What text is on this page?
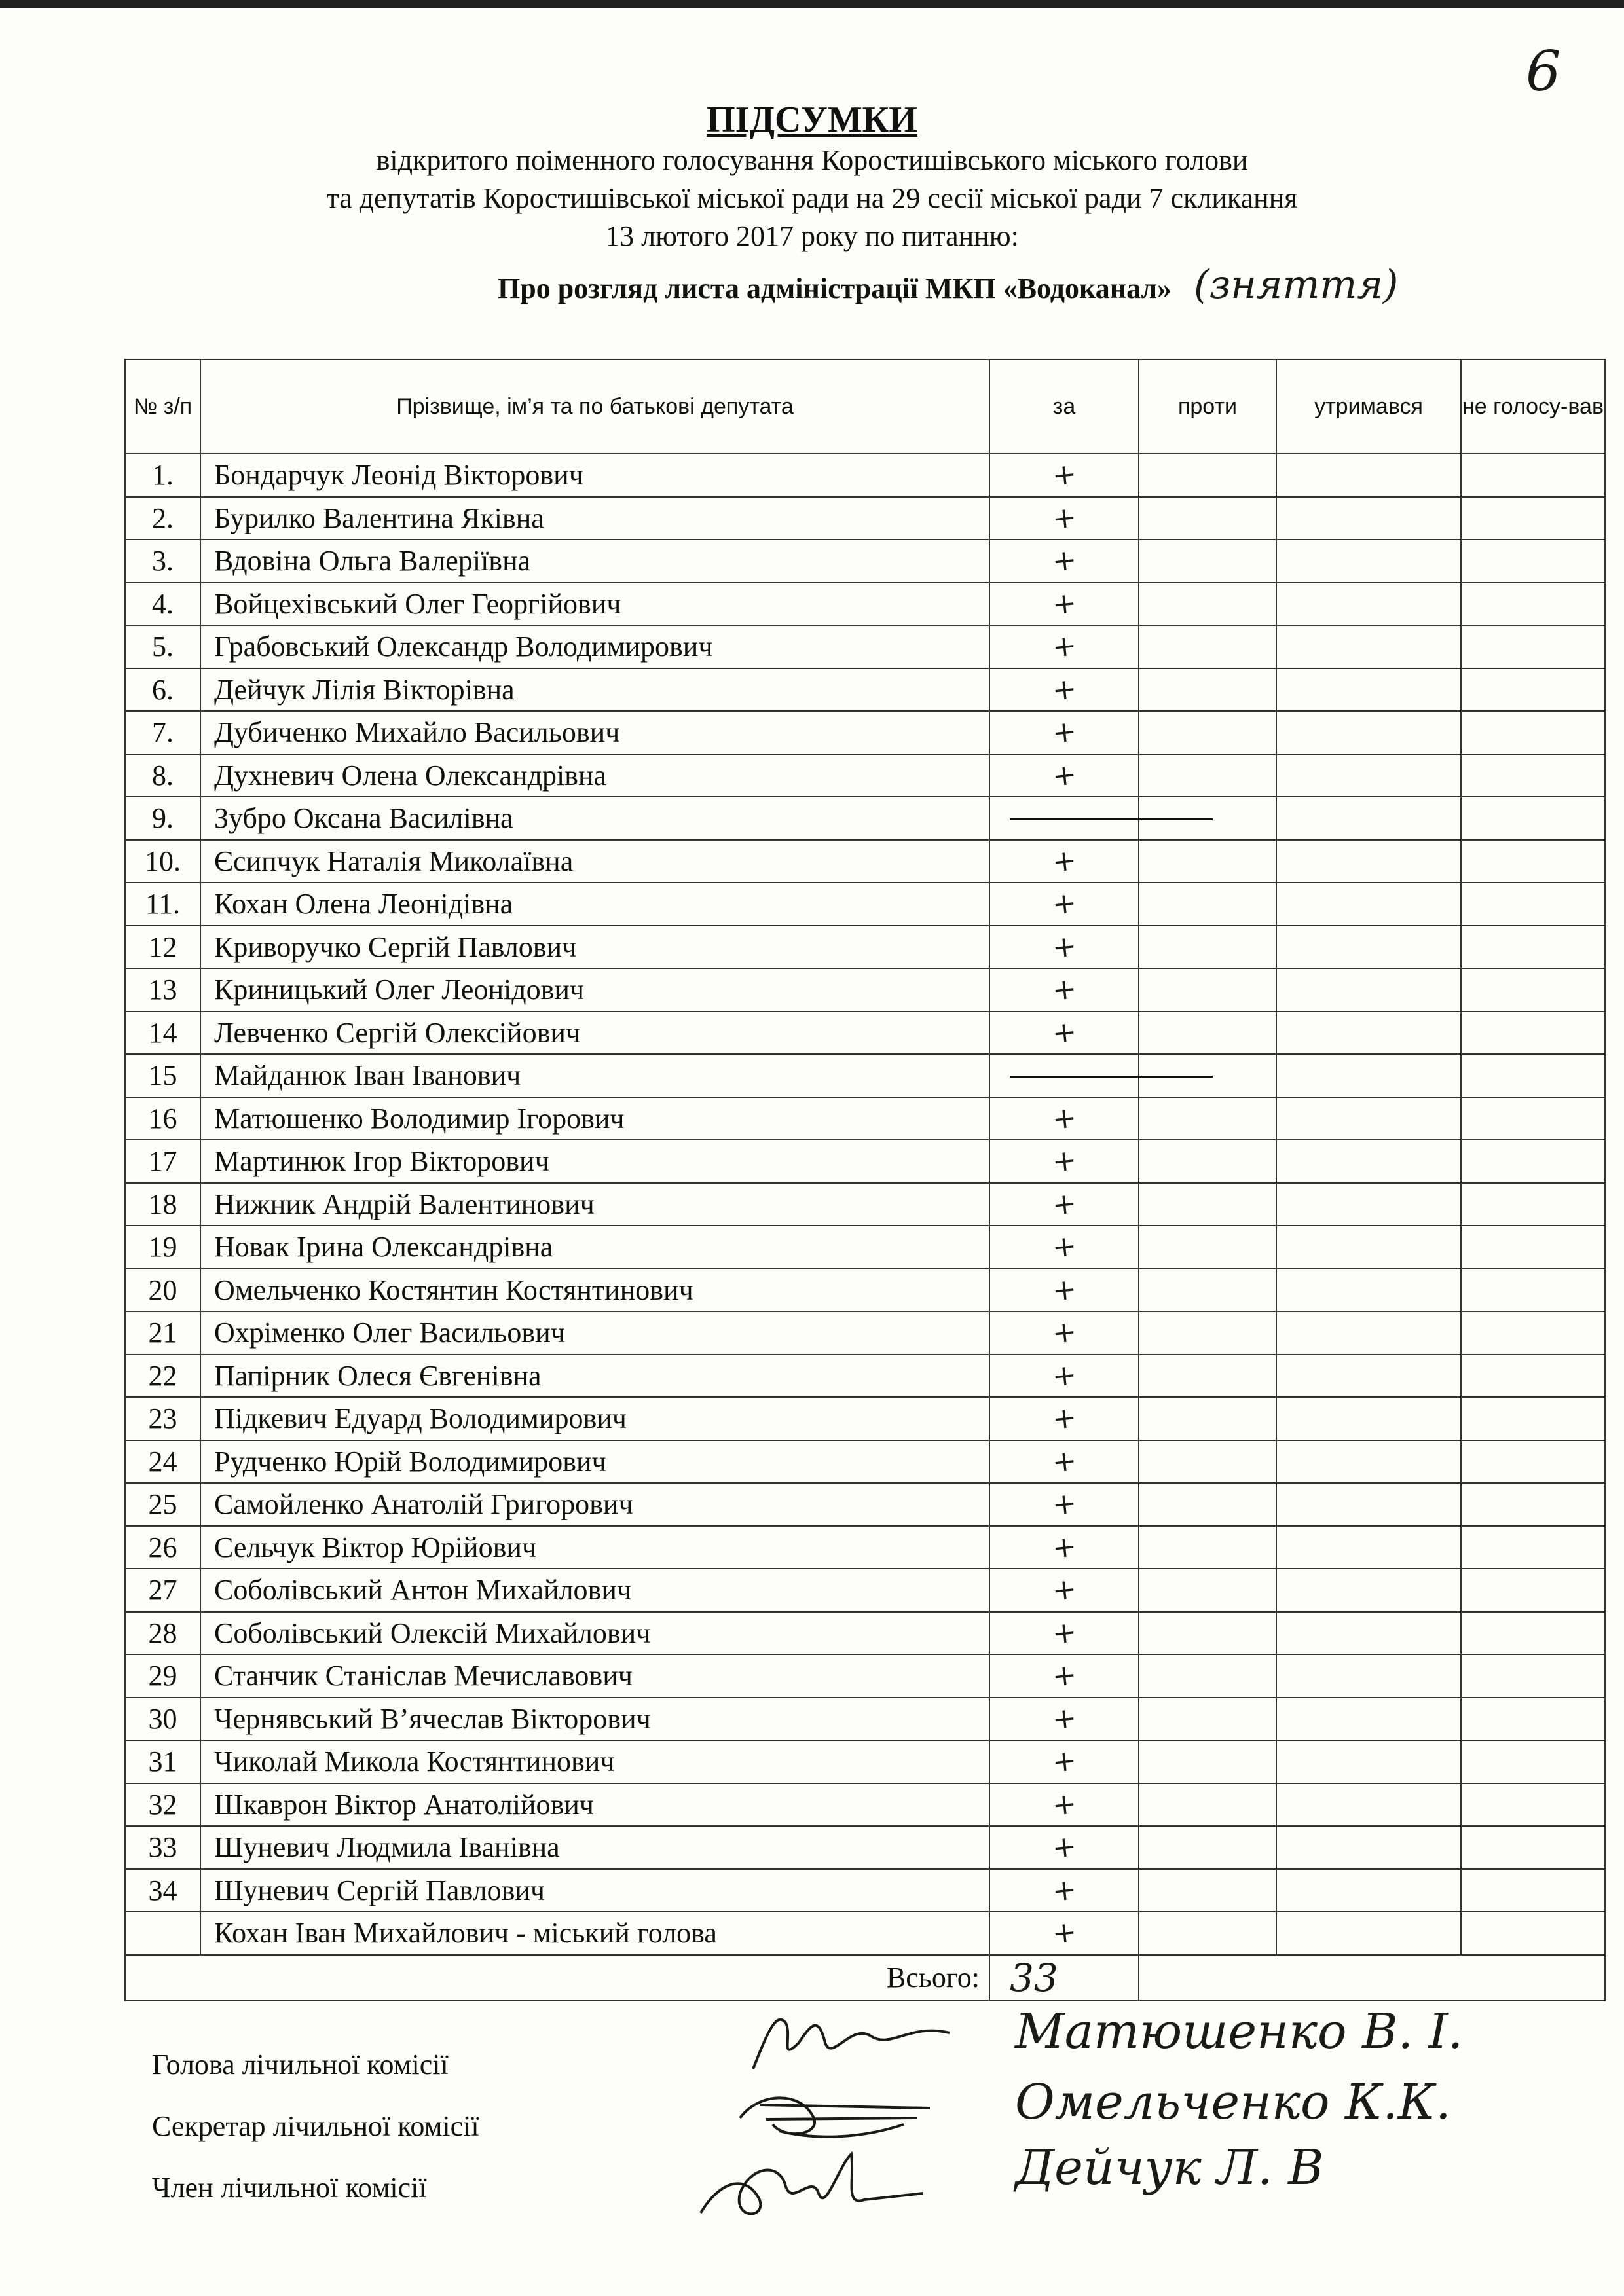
6
ПІДСУМКИ
відкритого поіменного голосування Коростишівського міського голови
та депутатів Коростишівської міської ради на 29 сесії міської ради 7 скликання
13 лютого 2017 року по питанню:
Про розгляд листа адміністрації МКП «Водоканал» (зняття)
№ з/п	Прізвище, ім’я та по батькові депутата	за	проти	утримався	не голосу-вав
1.	Бондарчук Леонід Вікторович	+			
2.	Бурилко Валентина Яківна	+			
3.	Вдовіна Ольга Валеріївна	+			
4.	Войцехівський Олег Георгійович	+			
5.	Грабовський Олександр Володимирович	+			
6.	Дейчук Лілія Вікторівна	+			
7.	Дубиченко Михайло Васильович	+			
8.	Духневич Олена Олександрівна	+			
9.	Зубро Оксана Василівна	

10.	Єсипчук Наталія Миколаївна	+			
11.	Кохан Олена Леонідівна	+			
12	Криворучко Сергій Павлович	+			
13	Криницький Олег Леонідович	+			
14	Левченко Сергій Олексійович	+			
15	Майданюк Іван Іванович	

16	Матюшенко Володимир Ігорович	+			
17	Мартинюк Ігор Вікторович	+			
18	Нижник Андрій Валентинович	+			
19	Новак Ірина Олександрівна	+			
20	Омельченко Костянтин Костянтинович	+			
21	Охріменко Олег Васильович	+			
22	Папірник Олеся Євгенівна	+			
23	Підкевич Едуард Володимирович	+			
24	Рудченко Юрій Володимирович	+			
25	Самойленко Анатолій Григорович	+			
26	Сельчук Віктор Юрійович	+			
27	Соболівський Антон Михайлович	+			
28	Соболівський Олексій Михайлович	+			
29	Станчик Станіслав Мечиславович	+			
30	Чернявський В’ячеслав Вікторович	+			
31	Чиколай Микола Костянтинович	+			
32	Шкаврон Віктор Анатолійович	+			
33	Шуневич Людмила Іванівна	+			
34	Шуневич Сергій Павлович	+			
	Кохан Іван Михайлович - міський голова	+			
Всього:		33			
Голова лічильної комісії
Секретар лічильної комісії
Член лічильної комісії
Матюшенко В. І.
Омельченко К.К.
Дейчук Л. В
